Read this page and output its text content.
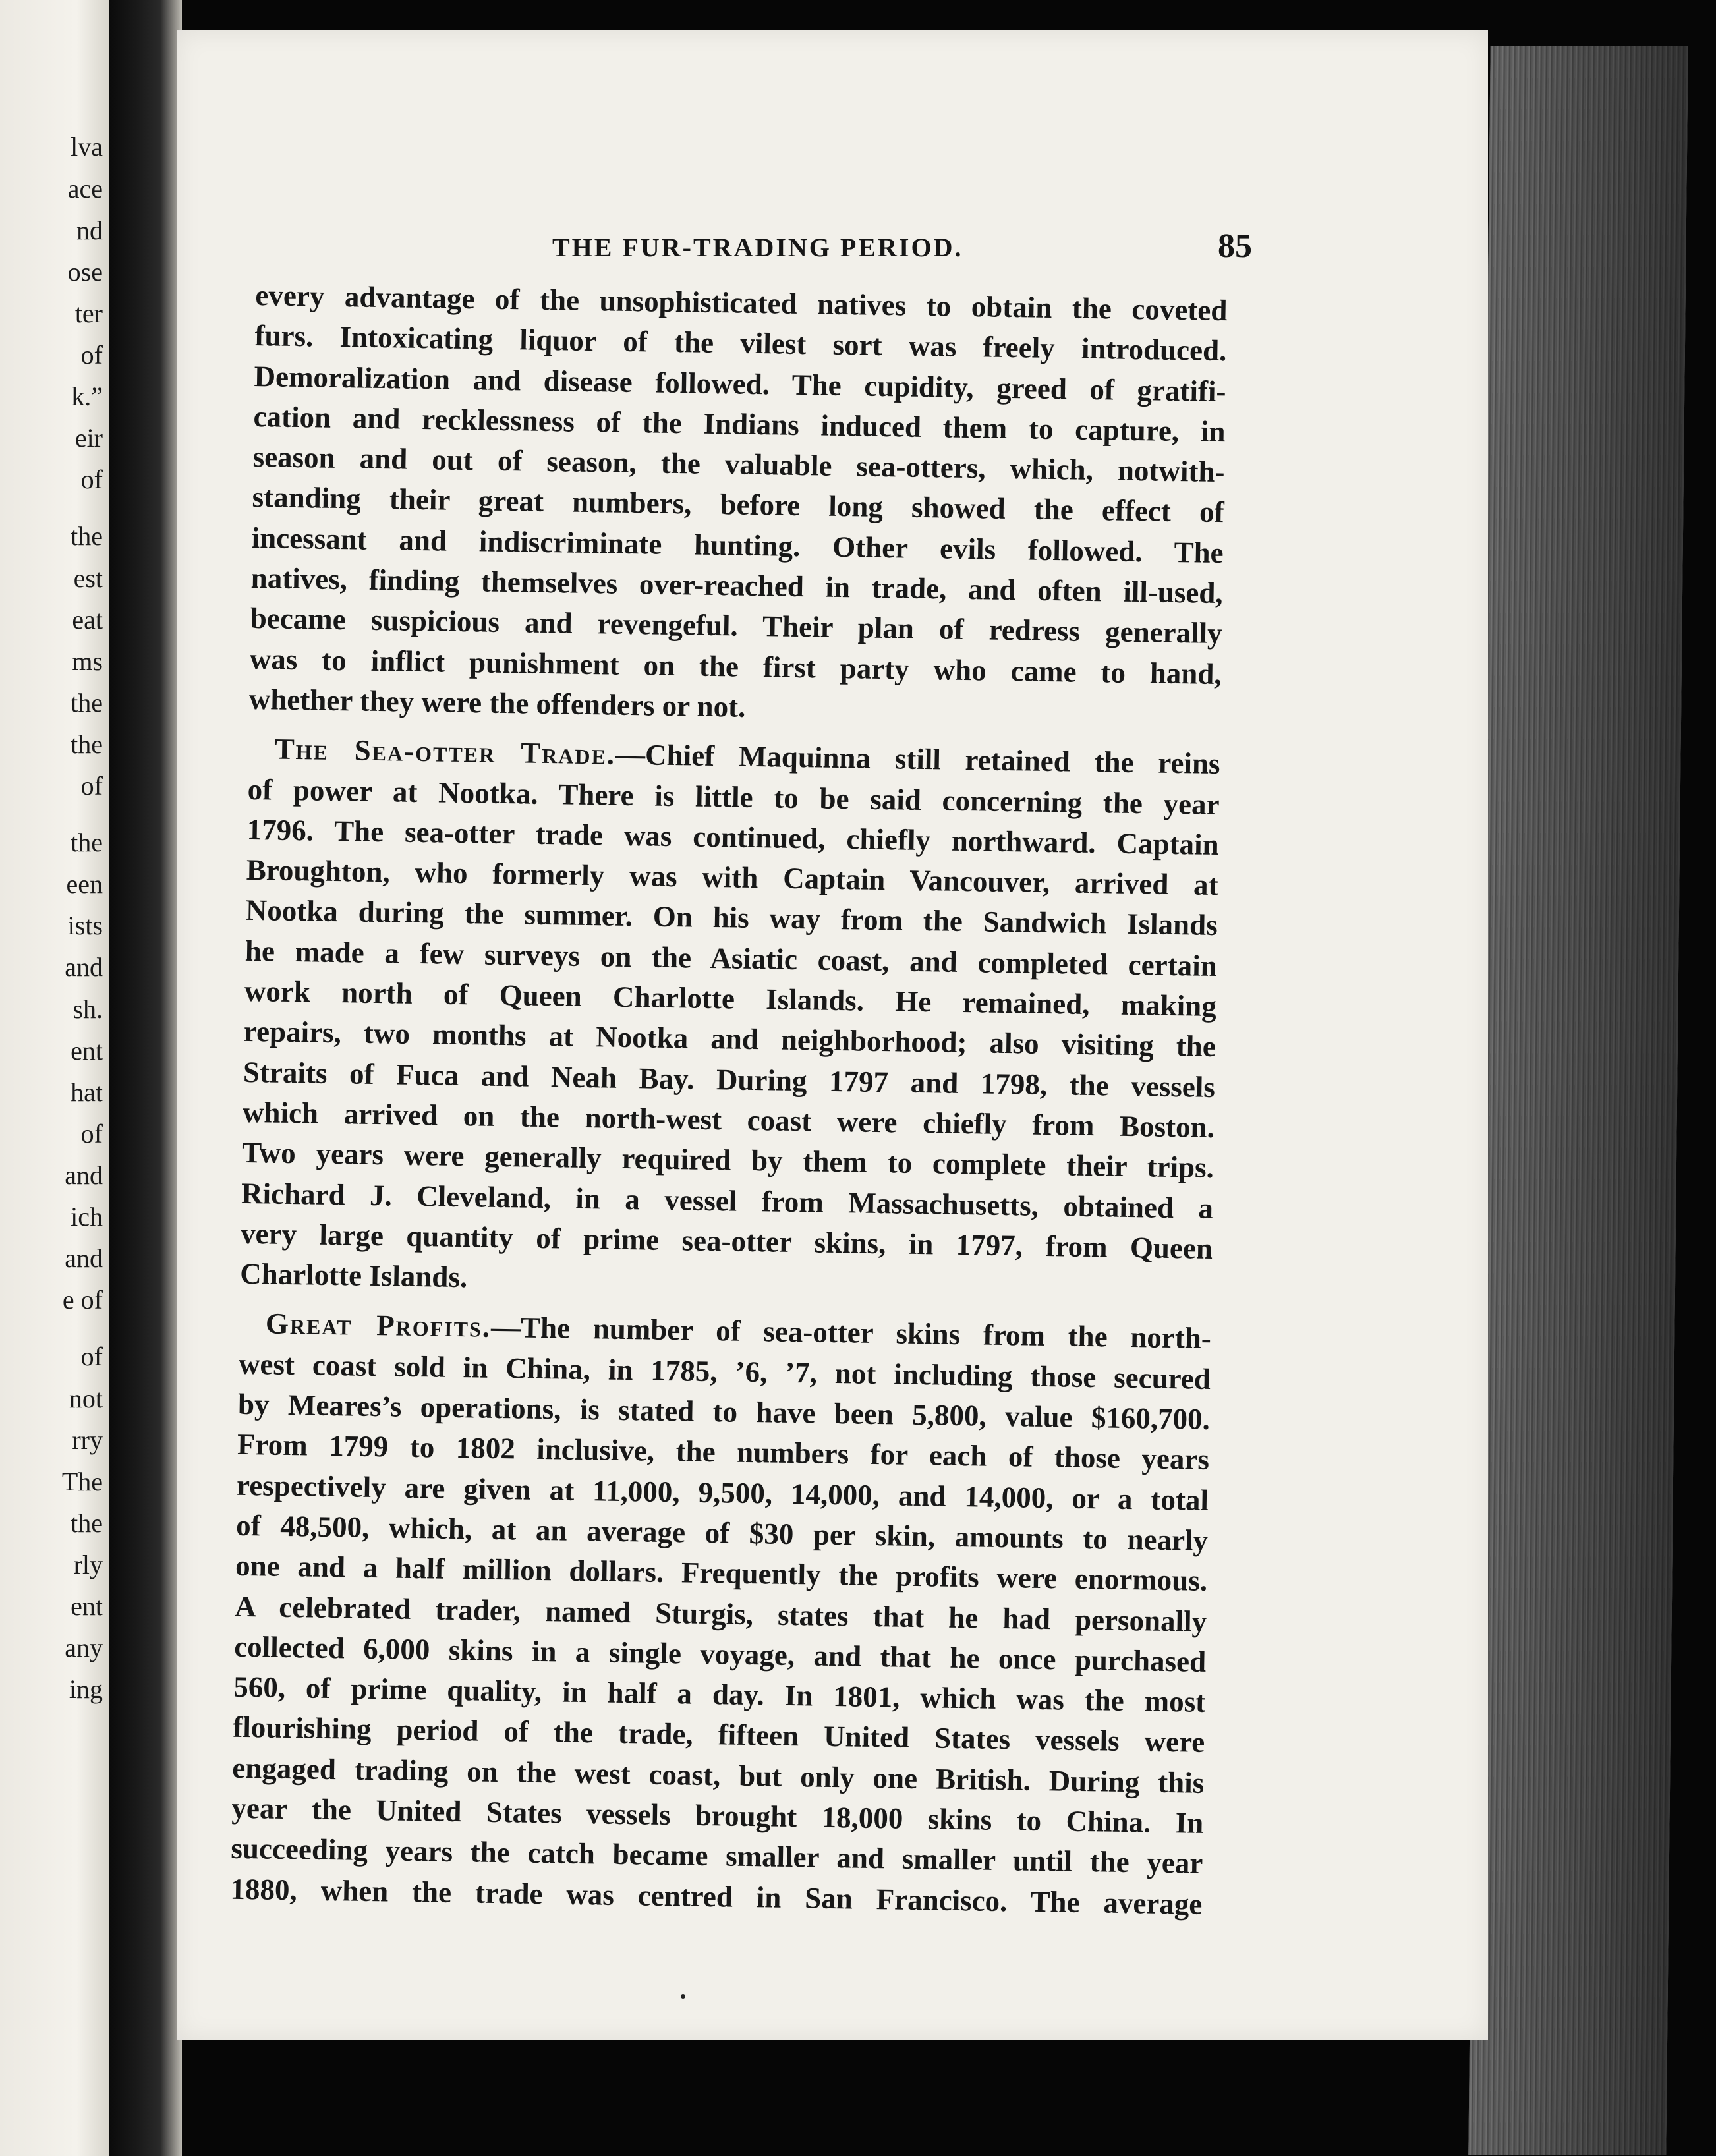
lva
ace
nd
ose
ter
of
k.”
eir
of
the
est
eat
ms
the
the
of
the
een
ists
and
sh.
ent
hat
of
and
ich
and
e of
of
not
rry
The
the
rly
ent
any
ing
THE FUR-TRADING PERIOD.	85
every advantage of the unsophisticated natives to obtain the coveted
furs. Intoxicating liquor of the vilest sort was freely introduced.
Demoralization and disease followed. The cupidity, greed of gratifi-
cation and recklessness of the Indians induced them to capture, in
season and out of season, the valuable sea-otters, which, notwith-
standing their great numbers, before long showed the effect of
incessant and indiscriminate hunting. Other evils followed. The
natives, finding themselves over-reached in trade, and often ill-used,
became suspicious and revengeful. Their plan of redress generally
was to inflict punishment on the first party who came to hand,
whether they were the offenders or not.
The Sea-otter Trade.—Chief Maquinna still retained the reins
of power at Nootka. There is little to be said concerning the year
1796. The sea-otter trade was continued, chiefly northward. Captain
Broughton, who formerly was with Captain Vancouver, arrived at
Nootka during the summer. On his way from the Sandwich Islands
he made a few surveys on the Asiatic coast, and completed certain
work north of Queen Charlotte Islands. He remained, making
repairs, two months at Nootka and neighborhood; also visiting the
Straits of Fuca and Neah Bay. During 1797 and 1798, the vessels
which arrived on the north-west coast were chiefly from Boston.
Two years were generally required by them to complete their trips.
Richard J. Cleveland, in a vessel from Massachusetts, obtained a
very large quantity of prime sea-otter skins, in 1797, from Queen
Charlotte Islands.
Great Profits.—The number of sea-otter skins from the north-
west coast sold in China, in 1785, ’6, ’7, not including those secured
by Meares’s operations, is stated to have been 5,800, value $160,700.
From 1799 to 1802 inclusive, the numbers for each of those years
respectively are given at 11,000, 9,500, 14,000, and 14,000, or a total
of 48,500, which, at an average of $30 per skin, amounts to nearly
one and a half million dollars. Frequently the profits were enormous.
A celebrated trader, named Sturgis, states that he had personally
collected 6,000 skins in a single voyage, and that he once purchased
560, of prime quality, in half a day. In 1801, which was the most
flourishing period of the trade, fifteen United States vessels were
engaged trading on the west coast, but only one British. During this
year the United States vessels brought 18,000 skins to China. In
succeeding years the catch became smaller and smaller until the year
1880, when the trade was centred in San Francisco. The average
